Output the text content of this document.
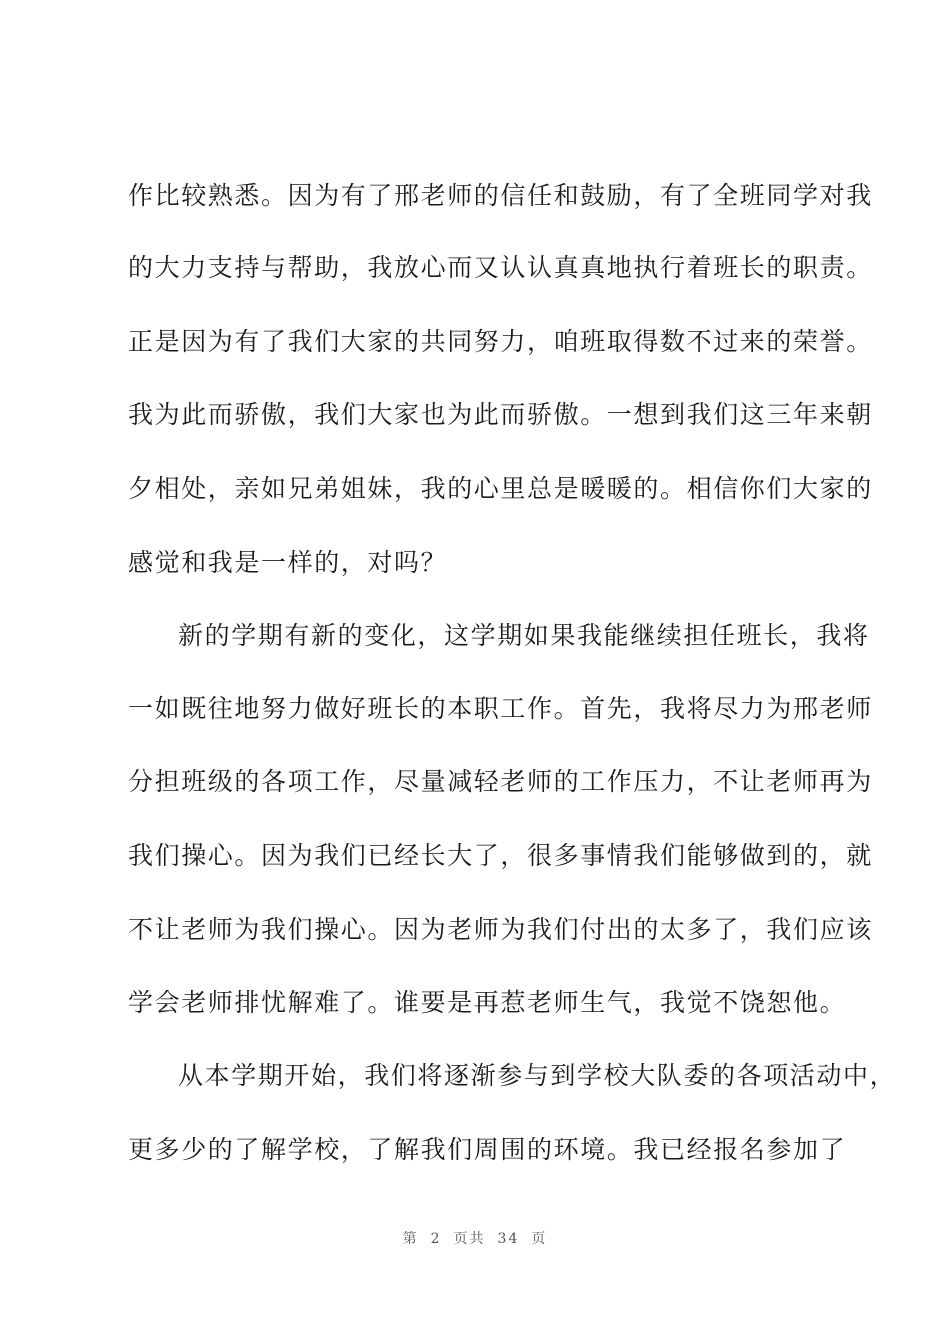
作比较熟悉。因为有了邢老师的信任和鼓励，有了全班同学对我
的大力支持与帮助，我放心而又认认真真地执行着班长的职责。
正是因为有了我们大家的共同努力，咱班取得数不过来的荣誉。
我为此而骄傲，我们大家也为此而骄傲。一想到我们这三年来朝
夕相处，亲如兄弟姐妹，我的心里总是暖暖的。相信你们大家的
感觉和我是一样的，对吗？
新的学期有新的变化，这学期如果我能继续担任班长，我将
一如既往地努力做好班长的本职工作。首先，我将尽力为邢老师
分担班级的各项工作，尽量减轻老师的工作压力，不让老师再为
我们操心。因为我们已经长大了，很多事情我们能够做到的，就
不让老师为我们操心。因为老师为我们付出的太多了，我们应该
学会老师排忧解难了。谁要是再惹老师生气，我觉不饶恕他。
从本学期开始，我们将逐渐参与到学校大队委的各项活动中，
更多少的了解学校，了解我们周围的环境。我已经报名参加了
第 2 页共 34 页
